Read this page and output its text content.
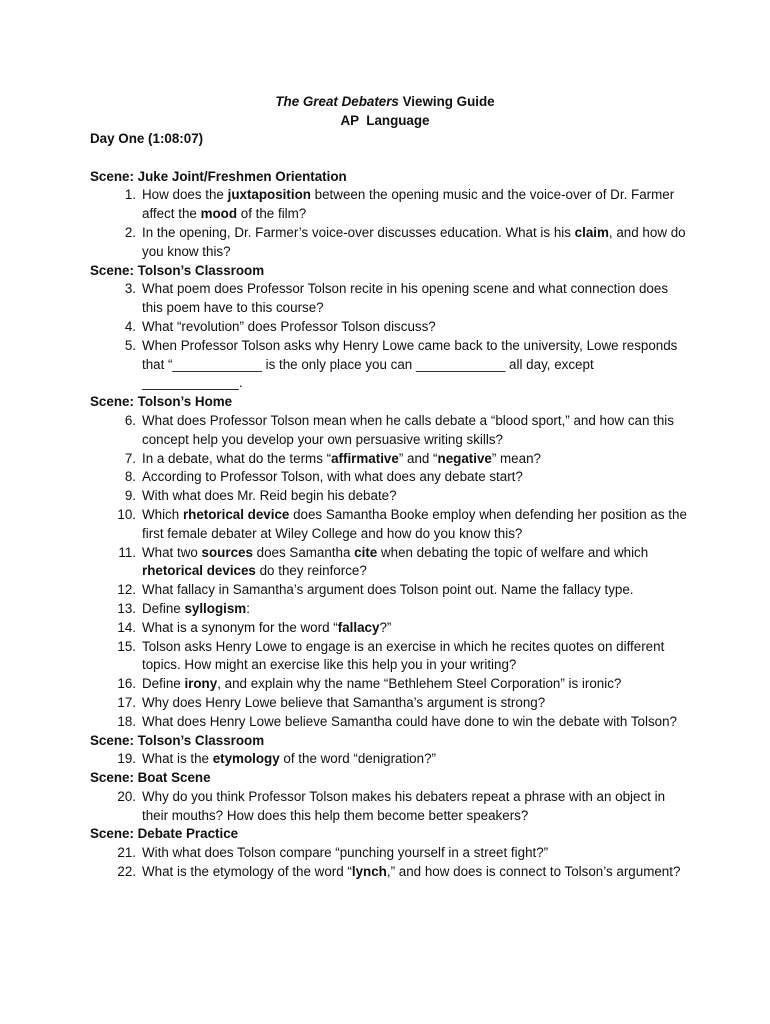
The Great Debaters Viewing Guide
AP  Language
Day One (1:08:07)
Scene: Juke Joint/Freshmen Orientation
1. How does the juxtaposition between the opening music and the voice-over of Dr. Farmer affect the mood of the film?
2. In the opening, Dr. Farmer’s voice-over discusses education. What is his claim, and how do you know this?
Scene: Tolson’s Classroom
3. What poem does Professor Tolson recite in his opening scene and what connection does this poem have to this course?
4. What “revolution” does Professor Tolson discuss?
5. When Professor Tolson asks why Henry Lowe came back to the university, Lowe responds that “____________ is the only place you can ____________ all day, except _____________.
Scene: Tolson’s Home
6. What does Professor Tolson mean when he calls debate a “blood sport,” and how can this concept help you develop your own persuasive writing skills?
7. In a debate, what do the terms “affirmative” and “negative” mean?
8. According to Professor Tolson, with what does any debate start?
9. With what does Mr. Reid begin his debate?
10. Which rhetorical device does Samantha Booke employ when defending her position as the first female debater at Wiley College and how do you know this?
11. What two sources does Samantha cite when debating the topic of welfare and which rhetorical devices do they reinforce?
12. What fallacy in Samantha’s argument does Tolson point out. Name the fallacy type.
13. Define syllogism:
14. What is a synonym for the word “fallacy?”
15. Tolson asks Henry Lowe to engage is an exercise in which he recites quotes on different topics. How might an exercise like this help you in your writing?
16. Define irony, and explain why the name “Bethlehem Steel Corporation” is ironic?
17. Why does Henry Lowe believe that Samantha’s argument is strong?
18. What does Henry Lowe believe Samantha could have done to win the debate with Tolson?
Scene: Tolson’s Classroom
19. What is the etymology of the word “denigration?”
Scene: Boat Scene
20. Why do you think Professor Tolson makes his debaters repeat a phrase with an object in their mouths? How does this help them become better speakers?
Scene: Debate Practice
21. With what does Tolson compare “punching yourself in a street fight?”
22. What is the etymology of the word “lynch,” and how does is connect to Tolson’s argument?
